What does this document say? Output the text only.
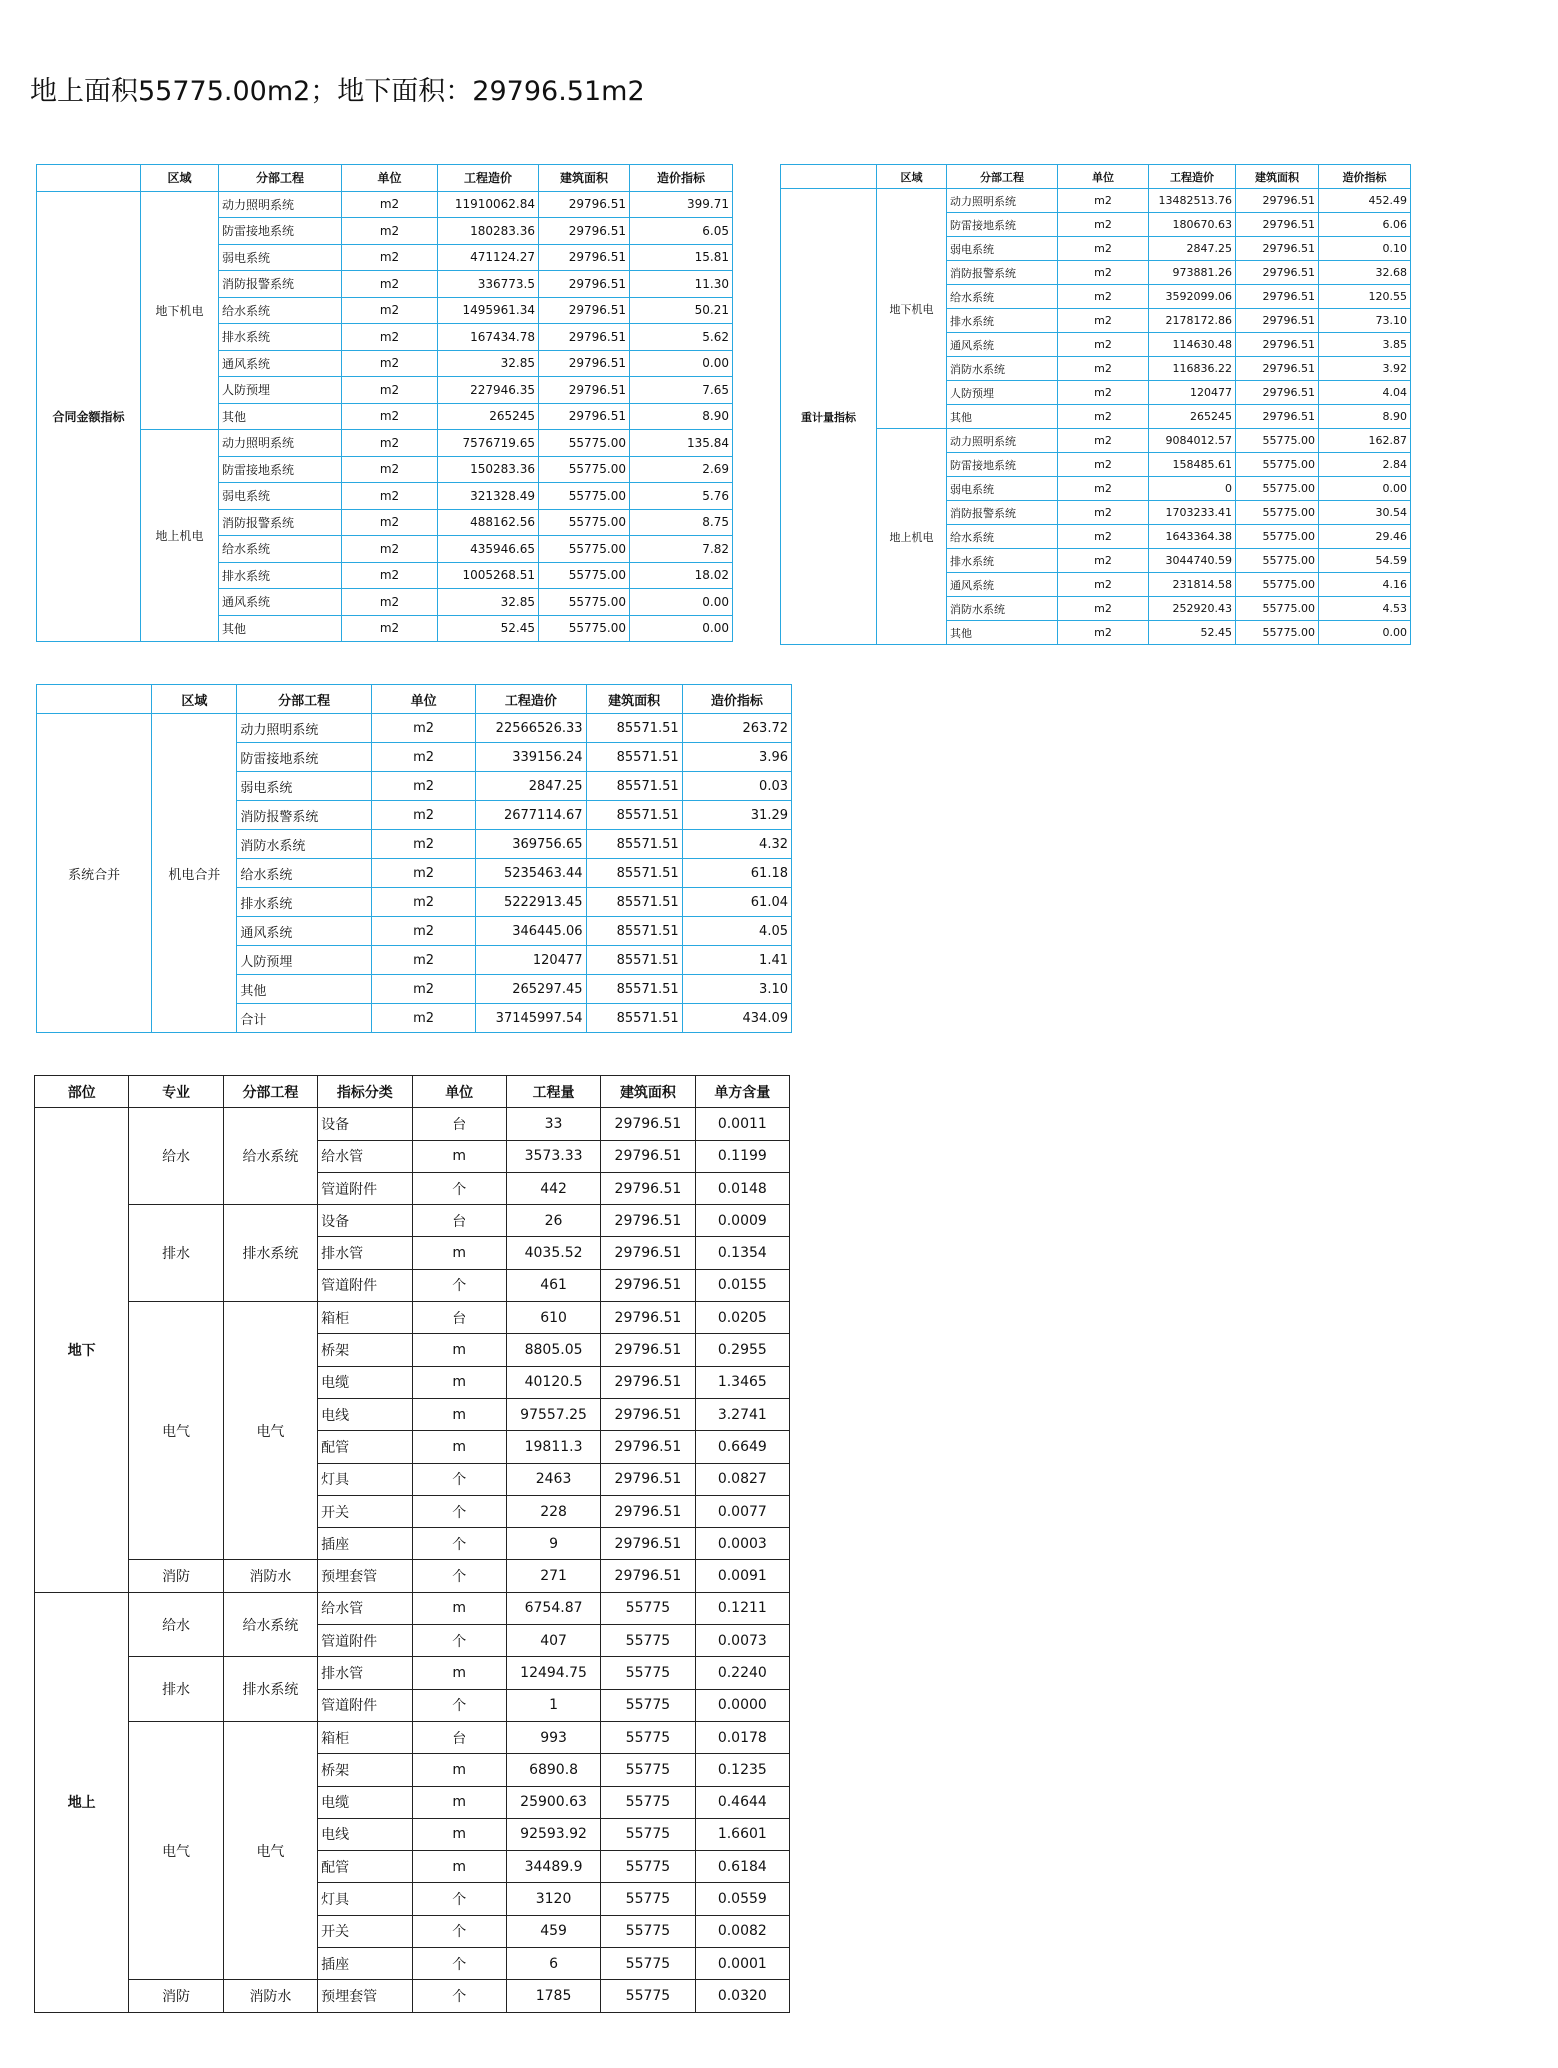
地上面积55775.00m2；地下面积：29796.51m2
	区域	分部工程	单位	工程造价	建筑面积	造价指标
合同金额指标	地下机电	动力照明系统	m2	11910062.84	29796.51	399.71
		防雷接地系统	m2	180283.36	29796.51	6.05
		弱电系统	m2	471124.27	29796.51	15.81
		消防报警系统	m2	336773.5	29796.51	11.30
		给水系统	m2	1495961.34	29796.51	50.21
		排水系统	m2	167434.78	29796.51	5.62
		通风系统	m2	32.85	29796.51	0.00
		人防预埋	m2	227946.35	29796.51	7.65
		其他	m2	265245	29796.51	8.90
	地上机电	动力照明系统	m2	7576719.65	55775.00	135.84
		防雷接地系统	m2	150283.36	55775.00	2.69
		弱电系统	m2	321328.49	55775.00	5.76
		消防报警系统	m2	488162.56	55775.00	8.75
		给水系统	m2	435946.65	55775.00	7.82
		排水系统	m2	1005268.51	55775.00	18.02
		通风系统	m2	32.85	55775.00	0.00
		其他	m2	52.45	55775.00	0.00
	区域	分部工程	单位	工程造价	建筑面积	造价指标
重计量指标	地下机电	动力照明系统	m2	13482513.76	29796.51	452.49
		防雷接地系统	m2	180670.63	29796.51	6.06
		弱电系统	m2	2847.25	29796.51	0.10
		消防报警系统	m2	973881.26	29796.51	32.68
		给水系统	m2	3592099.06	29796.51	120.55
		排水系统	m2	2178172.86	29796.51	73.10
		通风系统	m2	114630.48	29796.51	3.85
		消防水系统	m2	116836.22	29796.51	3.92
		人防预埋	m2	120477	29796.51	4.04
		其他	m2	265245	29796.51	8.90
	地上机电	动力照明系统	m2	9084012.57	55775.00	162.87
		防雷接地系统	m2	158485.61	55775.00	2.84
		弱电系统	m2	0	55775.00	0.00
		消防报警系统	m2	1703233.41	55775.00	30.54
		给水系统	m2	1643364.38	55775.00	29.46
		排水系统	m2	3044740.59	55775.00	54.59
		通风系统	m2	231814.58	55775.00	4.16
		消防水系统	m2	252920.43	55775.00	4.53
		其他	m2	52.45	55775.00	0.00
	区域	分部工程	单位	工程造价	建筑面积	造价指标
系统合并	机电合并	动力照明系统	m2	22566526.33	85571.51	263.72
		防雷接地系统	m2	339156.24	85571.51	3.96
		弱电系统	m2	2847.25	85571.51	0.03
		消防报警系统	m2	2677114.67	85571.51	31.29
		消防水系统	m2	369756.65	85571.51	4.32
		给水系统	m2	5235463.44	85571.51	61.18
		排水系统	m2	5222913.45	85571.51	61.04
		通风系统	m2	346445.06	85571.51	4.05
		人防预埋	m2	120477	85571.51	1.41
		其他	m2	265297.45	85571.51	3.10
		合计	m2	37145997.54	85571.51	434.09
部位	专业	分部工程	指标分类	单位	工程量	建筑面积	单方含量
地下	给水	给水系统	设备	台	33	29796.51	0.0011
			给水管	m	3573.33	29796.51	0.1199
			管道附件	个	442	29796.51	0.0148
	排水	排水系统	设备	台	26	29796.51	0.0009
			排水管	m	4035.52	29796.51	0.1354
			管道附件	个	461	29796.51	0.0155
	电气	电气	箱柜	台	610	29796.51	0.0205
			桥架	m	8805.05	29796.51	0.2955
			电缆	m	40120.5	29796.51	1.3465
			电线	m	97557.25	29796.51	3.2741
			配管	m	19811.3	29796.51	0.6649
			灯具	个	2463	29796.51	0.0827
			开关	个	228	29796.51	0.0077
			插座	个	9	29796.51	0.0003
	消防	消防水	预埋套管	个	271	29796.51	0.0091
地上	给水	给水系统	给水管	m	6754.87	55775	0.1211
			管道附件	个	407	55775	0.0073
	排水	排水系统	排水管	m	12494.75	55775	0.2240
			管道附件	个	1	55775	0.0000
	电气	电气	箱柜	台	993	55775	0.0178
			桥架	m	6890.8	55775	0.1235
			电缆	m	25900.63	55775	0.4644
			电线	m	92593.92	55775	1.6601
			配管	m	34489.9	55775	0.6184
			灯具	个	3120	55775	0.0559
			开关	个	459	55775	0.0082
			插座	个	6	55775	0.0001
	消防	消防水	预埋套管	个	1785	55775	0.0320
